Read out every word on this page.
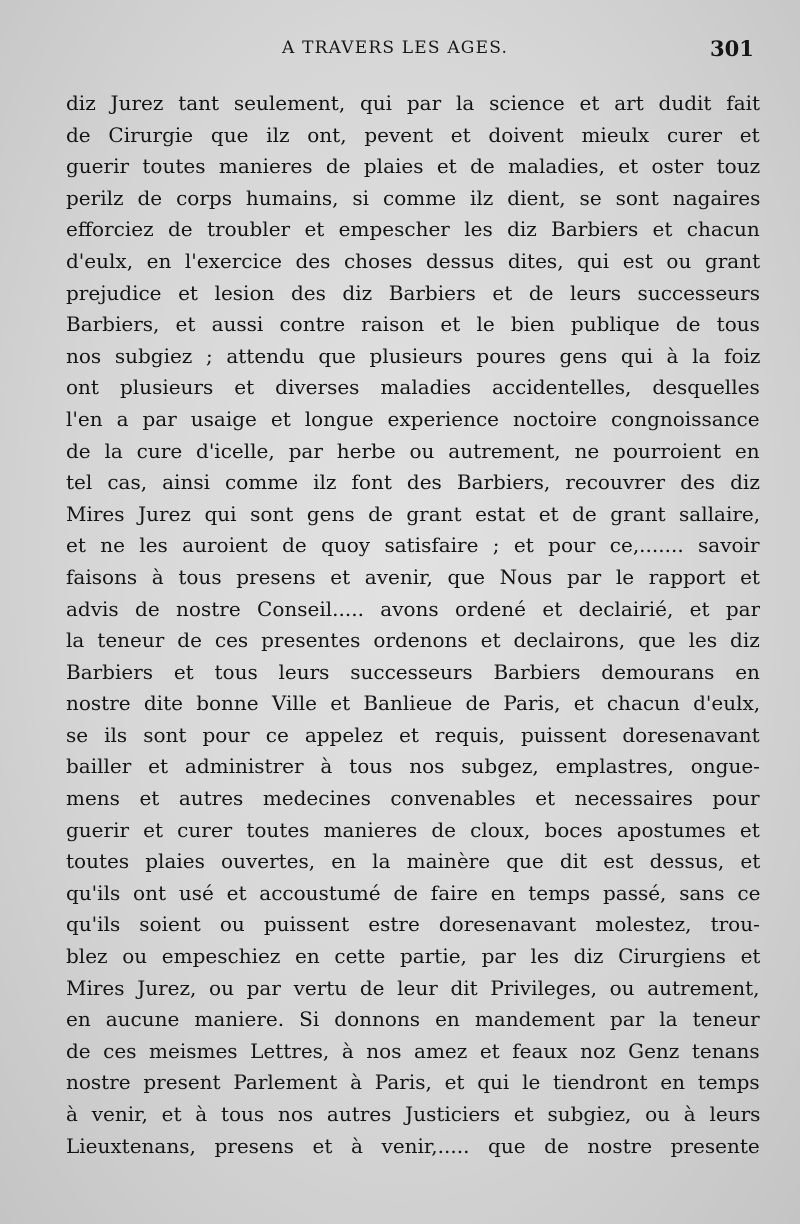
A TRAVERS LES AGES.	301
diz Jurez tant seulement, qui par la science et art dudit fait
de Cirurgie que ilz ont, pevent et doivent mieulx curer et
guerir toutes manieres de plaies et de maladies, et oster touz
perilz de corps humains, si comme ilz dient, se sont nagaires
efforciez de troubler et empescher les diz Barbiers et chacun
d'eulx, en l'exercice des choses dessus dites, qui est ou grant
prejudice et lesion des diz Barbiers et de leurs successeurs
Barbiers, et aussi contre raison et le bien publique de tous
nos subgiez ; attendu que plusieurs poures gens qui à la foiz
ont plusieurs et diverses maladies accidentelles, desquelles
l'en a par usaige et longue experience noctoire congnoissance
de la cure d'icelle, par herbe ou autrement, ne pourroient en
tel cas, ainsi comme ilz font des Barbiers, recouvrer des diz
Mires Jurez qui sont gens de grant estat et de grant sallaire,
et ne les auroient de quoy satisfaire ; et pour ce,....... savoir
faisons à tous presens et avenir, que Nous par le rapport et
advis de nostre Conseil..... avons ordené et declairié, et par
la teneur de ces presentes ordenons et declairons, que les diz
Barbiers et tous leurs successeurs Barbiers demourans en
nostre dite bonne Ville et Banlieue de Paris, et chacun d'eulx,
se ils sont pour ce appelez et requis, puissent doresenavant
bailler et administrer à tous nos subgez, emplastres, ongue-
mens et autres medecines convenables et necessaires pour
guerir et curer toutes manieres de cloux, boces apostumes et
toutes plaies ouvertes, en la mainère que dit est dessus, et
qu'ils ont usé et accoustumé de faire en temps passé, sans ce
qu'ils soient ou puissent estre doresenavant molestez, trou-
blez ou empeschiez en cette partie, par les diz Cirurgiens et
Mires Jurez, ou par vertu de leur dit Privileges, ou autrement,
en aucune maniere. Si donnons en mandement par la teneur
de ces meismes Lettres, à nos amez et feaux noz Genz tenans
nostre present Parlement à Paris, et qui le tiendront en temps
à venir, et à tous nos autres Justiciers et subgiez, ou à leurs
Lieuxtenans, presens et à venir,..... que de nostre presente
